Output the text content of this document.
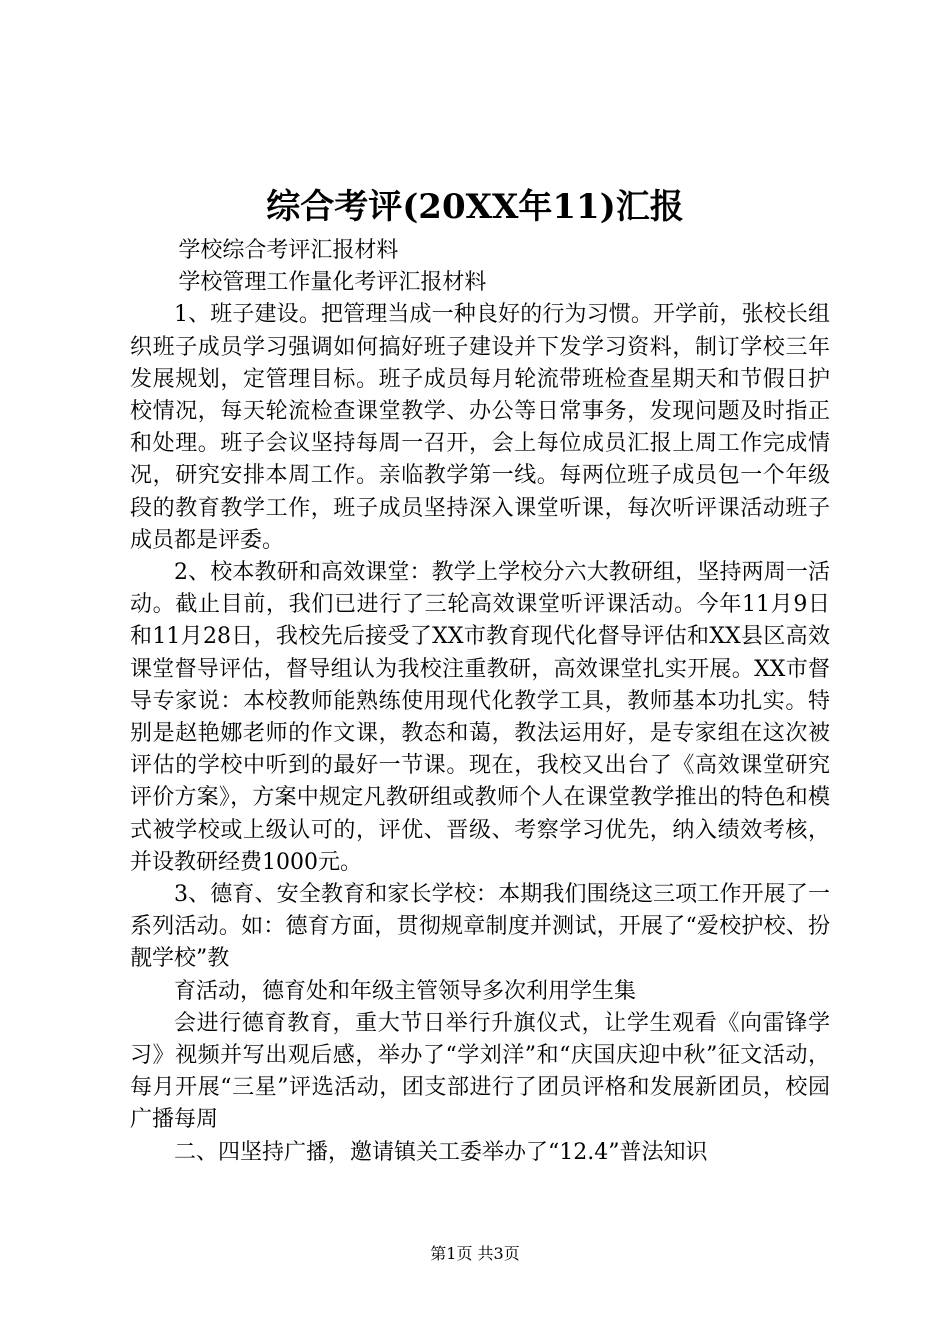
综合考评(20XX年11)汇报

学校综合考评汇报材料

学校管理工作量化考评汇报材料

1、班子建设。把管理当成一种良好的行为习惯。开学前，张校长组织班子成员学习强调如何搞好班子建设并下发学习资料，制订学校三年发展规划，定管理目标。班子成员每月轮流带班检查星期天和节假日护校情况，每天轮流检查课堂教学、办公等日常事务，发现问题及时指正和处理。班子会议坚持每周一召开，会上每位成员汇报上周工作完成情况，研究安排本周工作。亲临教学第一线。每两位班子成员包一个年级段的教育教学工作，班子成员坚持深入课堂听课，每次听评课活动班子成员都是评委。

2、校本教研和高效课堂：教学上学校分六大教研组，坚持两周一活动。截止目前，我们已进行了三轮高效课堂听评课活动。今年11月9日和11月28日，我校先后接受了XX市教育现代化督导评估和XX县区高效课堂督导评估，督导组认为我校注重教研，高效课堂扎实开展。XX市督导专家说：本校教师能熟练使用现代化教学工具，教师基本功扎实。特别是赵艳娜老师的作文课，教态和蔼，教法运用好，是专家组在这次被评估的学校中听到的最好一节课。现在，我校又出台了《高效课堂研究评价方案》，方案中规定凡教研组或教师个人在课堂教学推出的特色和模式被学校或上级认可的，评优、晋级、考察学习优先，纳入绩效考核，并设教研经费1000元。

3、德育、安全教育和家长学校：本期我们围绕这三项工作开展了一系列活动。如：德育方面，贯彻规章制度并测试，开展了“爱校护校、扮靓学校”教

育活动，德育处和年级主管领导多次利用学生集

会进行德育教育，重大节日举行升旗仪式，让学生观看《向雷锋学习》视频并写出观后感，举办了“学刘洋”和“庆国庆迎中秋”征文活动，每月开展“三星”评选活动，团支部进行了团员评格和发展新团员，校园广播每周

二、四坚持广播，邀请镇关工委举办了“12.4”普法知识

第1页 共3页
